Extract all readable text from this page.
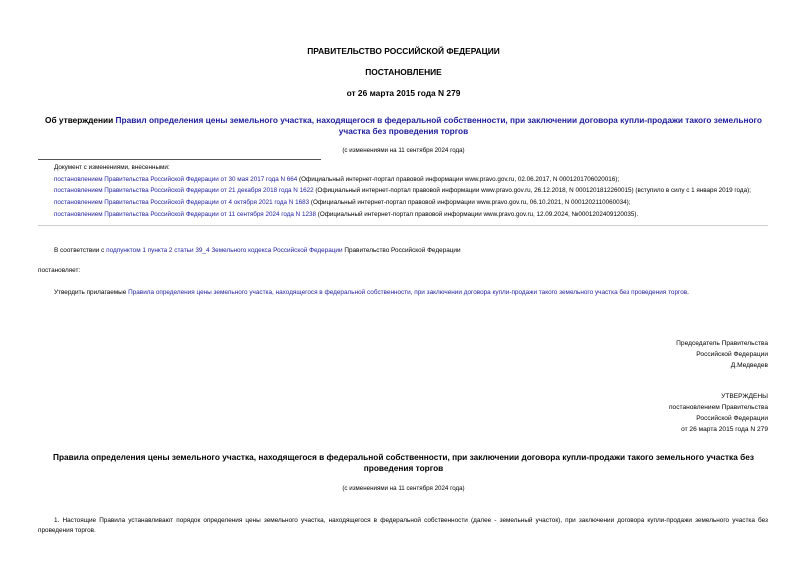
ПРАВИТЕЛЬСТВО РОССИЙСКОЙ ФЕДЕРАЦИИ
ПОСТАНОВЛЕНИЕ
от 26 марта 2015 года N 279
Об утверждении Правил определения цены земельного участка, находящегося в федеральной собственности, при заключении договора купли-продажи такого земельного участка без проведения торгов
(с изменениями на 11 сентября 2024 года)
Документ с изменениями, внесенными:
постановлением Правительства Российской Федерации от 30 мая 2017 года N 664 (Официальный интернет-портал правовой информации www.pravo.gov.ru, 02.06.2017, N 0001201706020016);
постановлением Правительства Российской Федерации от 21 декабря 2018 года N 1622 (Официальный интернет-портал правовой информации www.pravo.gov.ru, 26.12.2018, N 0001201812260015) (вступило в силу с 1 января 2019 года);
постановлением Правительства Российской Федерации от 4 октября 2021 года N 1683 (Официальный интернет-портал правовой информации www.pravo.gov.ru, 06.10.2021, N 0001202110060034);
постановлением Правительства Российской Федерации от 11 сентября 2024 года N 1238 (Официальный интернет-портал правовой информации www.pravo.gov.ru, 12.09.2024, №0001202409120035).
В соответствии с подпунктом 1 пункта 2 статьи 39_4 Земельного кодекса Российской Федерации Правительство Российской Федерации
постановляет:
Утвердить прилагаемые Правила определения цены земельного участка, находящегося в федеральной собственности, при заключении договора купли-продажи такого земельного участка без проведения торгов.
Председатель Правительства
Российской Федерации
Д.Медведев
УТВЕРЖДЕНЫ
постановлением Правительства
Российской Федерации
от 26 марта 2015 года N 279
Правила определения цены земельного участка, находящегося в федеральной собственности, при заключении договора купли-продажи такого земельного участка без проведения торгов
(с изменениями на 11 сентября 2024 года)
1. Настоящие Правила устанавливают порядок определения цены земельного участка, находящегося в федеральной собственности (далее - земельный участок), при заключении договора купли-продажи земельного участка без проведения торгов.
